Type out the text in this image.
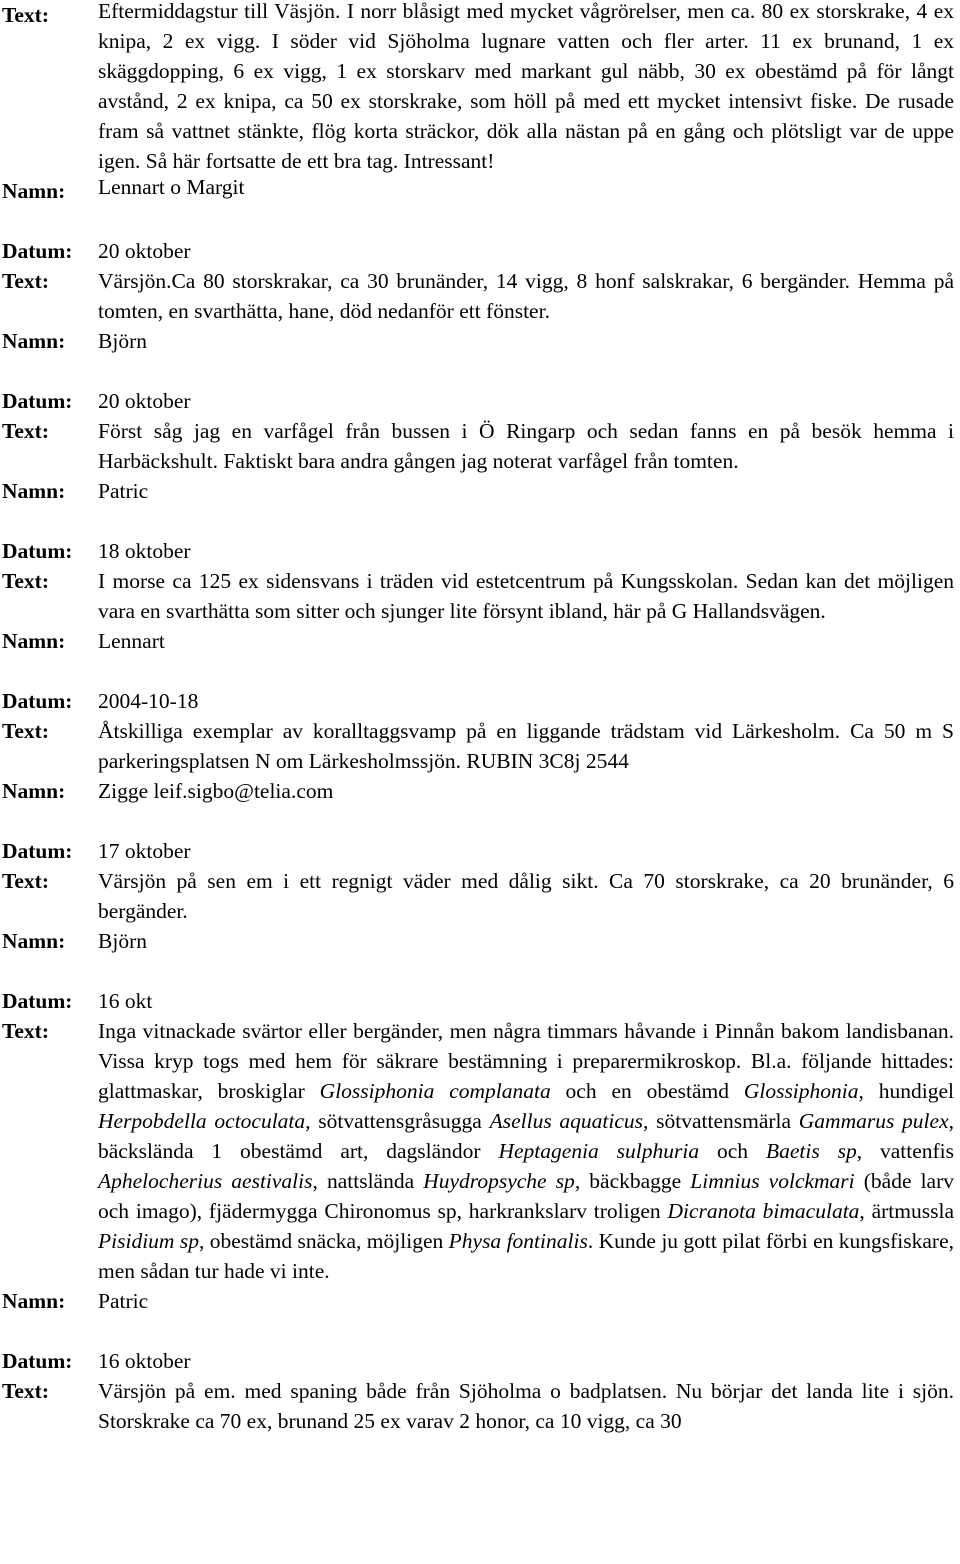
Text:	Eftermiddagstur till Väsjön. I norr blåsigt med mycket vågrörelser, men ca. 80 ex storskrake, 4 ex knipa, 2 ex vigg. I söder vid Sjöholma lugnare vatten och fler arter. 11 ex brunand, 1 ex skäggdopping, 6 ex vigg, 1 ex storskarv med markant gul näbb, 30 ex obestämd på för långt avstånd, 2 ex knipa, ca 50 ex storskrake, som höll på med ett mycket intensivt fiske. De rusade fram så vattnet stänkte, flög korta sträckor, dök alla nästan på en gång och plötsligt var de uppe igen. Så här fortsatte de ett bra tag. Intressant!
Namn:	Lennart o Margit
Datum:	20 oktober
Text:	Värsjön.Ca 80 storskrakar, ca 30 brunänder, 14 vigg, 8 honf salskrakar, 6 bergänder. Hemma på tomten, en svarthätta, hane, död nedanför ett fönster.
Namn:	Björn
Datum:	20 oktober
Text:	Först såg jag en varfågel från bussen i Ö Ringarp och sedan fanns en på besök hemma i Harbäckshult. Faktiskt bara andra gången jag noterat varfågel från tomten.
Namn:	Patric
Datum:	18 oktober
Text:	I morse ca 125 ex sidensvans i träden vid estetcentrum på Kungsskolan. Sedan kan det möjligen vara en svarthätta som sitter och sjunger lite försynt ibland, här på G Hallandsvägen.
Namn:	Lennart
Datum:	2004-10-18
Text:	Åtskilliga exemplar av koralltaggsvamp på en liggande trädstam vid Lärkesholm. Ca 50 m S parkeringsplatsen N om Lärkesholmssjön. RUBIN 3C8j 2544
Namn:	Zigge leif.sigbo@telia.com
Datum:	17 oktober
Text:	Värsjön på sen em i ett regnigt väder med dålig sikt. Ca 70 storskrake, ca 20 brunänder, 6 bergänder.
Namn:	Björn
Datum:	16 okt
Text:	Inga vitnackade svärtor eller bergänder, men några timmars håvande i Pinnån bakom landisbanan. Vissa kryp togs med hem för säkrare bestämning i preparermikroskop. Bl.a. följande hittades: glattmaskar, broskiglar Glossiphonia complanata och en obestämd Glossiphonia, hundigel Herpobdella octoculata, sötvattensgråsugga Asellus aquaticus, sötvattensmärla Gammarus pulex, bäckslända 1 obestämd art, dagsländor Heptagenia sulphuria och Baetis sp, vattenfis Aphelocherius aestivalis, nattslända Huydropsyche sp, bäckbagge Limnius volckmari (både larv och imago), fjädermygga Chironomus sp, harkrankslarv troligen Dicranota bimaculata, ärtmussla Pisidium sp, obestämd snäcka, möjligen Physa fontinalis. Kunde ju gott pilat förbi en kungsfiskare, men sådan tur hade vi inte.
Namn:	Patric
Datum:	16 oktober
Text:	Värsjön på em. med spaning både från Sjöholma o badplatsen. Nu börjar det landa lite i sjön. Storskrake ca 70 ex, brunand 25 ex varav 2 honor, ca 10 vigg, ca 30
